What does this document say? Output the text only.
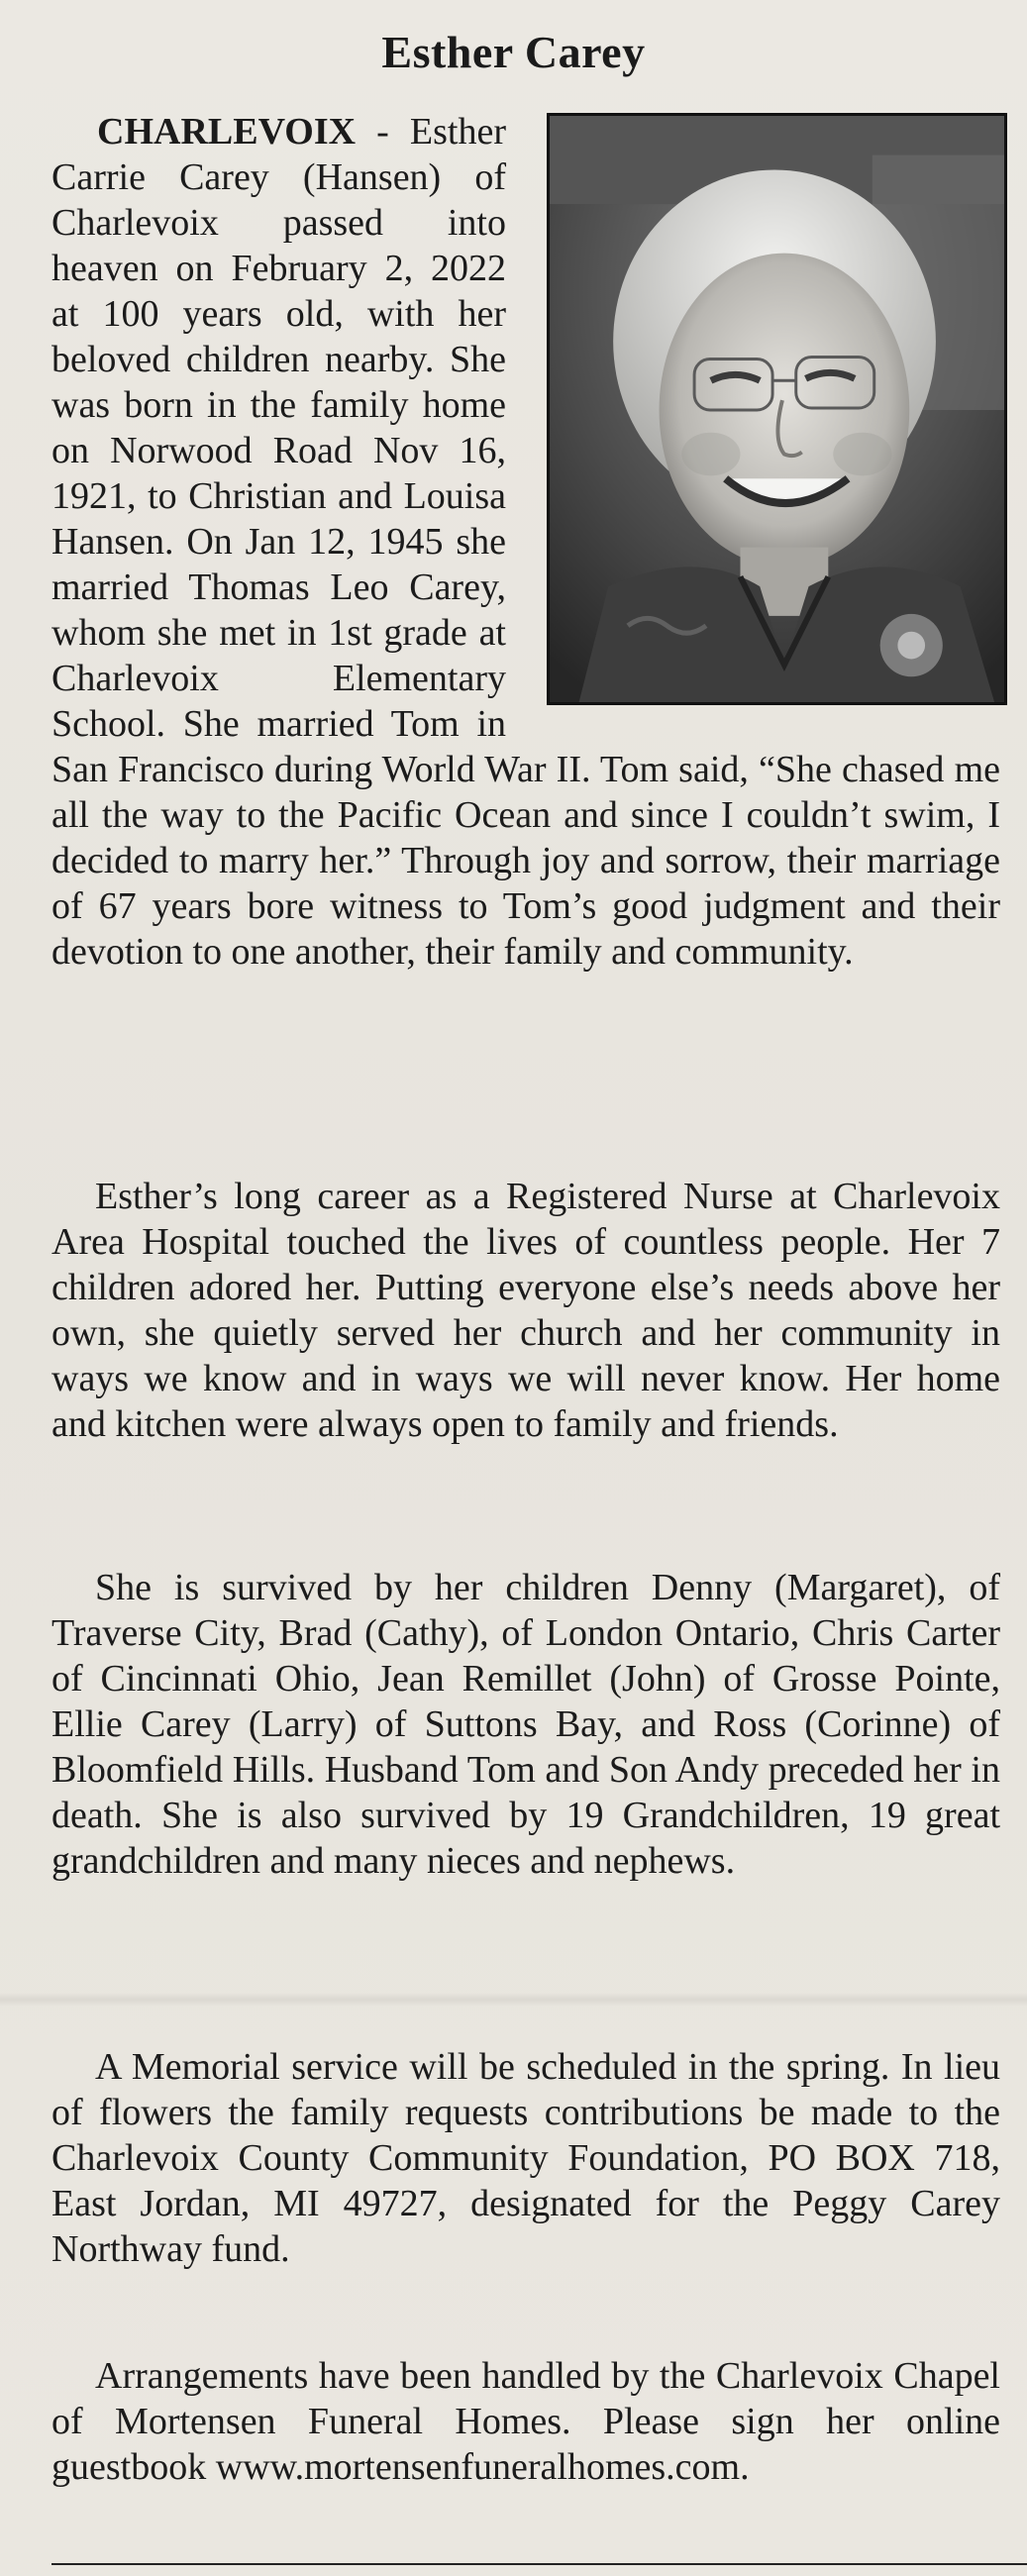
Esther Carey

CHARLEVOIX - Esther Carrie Carey (Hansen) of Charlevoix passed into heaven on February 2, 2022 at 100 years old, with her beloved children nearby. She was born in the family home on Norwood Road Nov 16, 1921, to Christian and Louisa Hansen. On Jan 12, 1945 she married Thomas Leo Carey, whom she met in 1st grade at Charlevoix Elementary School. She married Tom in San Francisco during World War II. Tom said, “She chased me all the way to the Pacific Ocean and since I couldn’t swim, I decided to marry her.” Through joy and sorrow, their marriage of 67 years bore witness to Tom’s good judgment and their devotion to one another, their family and community.

Esther’s long career as a Registered Nurse at Charlevoix Area Hospital touched the lives of countless people. Her 7 children adored her. Putting everyone else’s needs above her own, she quietly served her church and her community in ways we know and in ways we will never know. Her home and kitchen were always open to family and friends.

She is survived by her children Denny (Margaret), of Traverse City, Brad (Cathy), of London Ontario, Chris Carter of Cincinnati Ohio, Jean Remillet (John) of Grosse Pointe, Ellie Carey (Larry) of Suttons Bay, and Ross (Corinne) of Bloomfield Hills. Husband Tom and Son Andy preceded her in death. She is also survived by 19 Grandchildren, 19 great grandchildren and many nieces and nephews.

A Memorial service will be scheduled in the spring. In lieu of flowers the family requests contributions be made to the Charlevoix County Community Foundation, PO BOX 718, East Jordan, MI 49727, designated for the Peggy Carey Northway fund.

Arrangements have been handled by the Charlevoix Chapel of Mortensen Funeral Homes. Please sign her online guestbook www.mortensenfuneralhomes.com.
